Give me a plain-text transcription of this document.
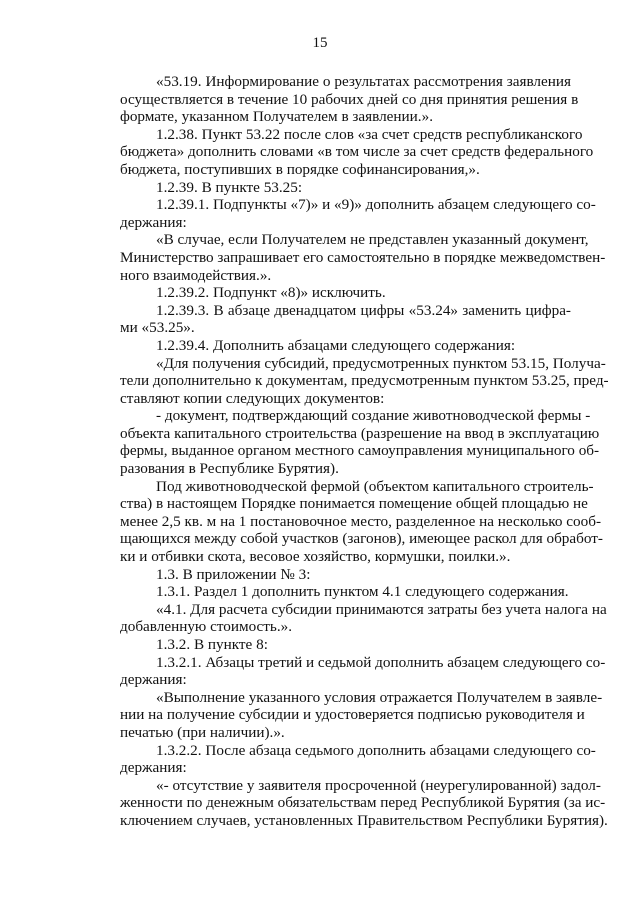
15
«53.19. Информирование о результатах рассмотрения заявления
осуществляется в течение 10 рабочих дней со дня принятия решения в
формате, указанном Получателем в заявлении.».
1.2.38. Пункт 53.22 после слов «за счет средств республиканского
бюджета» дополнить словами «в том числе за счет средств федерального
бюджета, поступивших в порядке софинансирования,».
1.2.39. В пункте 53.25:
1.2.39.1. Подпункты «7)» и «9)» дополнить абзацем следующего со-
держания:
«В случае, если Получателем не представлен указанный документ,
Министерство запрашивает его самостоятельно в порядке межведомствен-
ного взаимодействия.».
1.2.39.2. Подпункт «8)» исключить.
1.2.39.3. В абзаце двенадцатом цифры «53.24» заменить цифра-
ми «53.25».
1.2.39.4. Дополнить абзацами следующего содержания:
«Для получения субсидий, предусмотренных пунктом 53.15, Получа-
тели дополнительно к документам, предусмотренным пунктом 53.25, пред-
ставляют копии следующих документов:
- документ, подтверждающий создание животноводческой фермы -
объекта капитального строительства (разрешение на ввод в эксплуатацию
фермы, выданное органом местного самоуправления муниципального об-
разования в Республике Бурятия).
Под животноводческой фермой (объектом капитального строитель-
ства) в настоящем Порядке понимается помещение общей площадью не
менее 2,5 кв. м на 1 постановочное место, разделенное на несколько сооб-
щающихся между собой участков (загонов), имеющее раскол для обработ-
ки и отбивки скота, весовое хозяйство, кормушки, поилки.».
1.3. В приложении № 3:
1.3.1. Раздел 1 дополнить пунктом 4.1 следующего содержания.
«4.1. Для расчета субсидии принимаются затраты без учета налога на
добавленную стоимость.».
1.3.2. В пункте 8:
1.3.2.1. Абзацы третий и седьмой дополнить абзацем следующего со-
держания:
«Выполнение указанного условия отражается Получателем в заявле-
нии на получение субсидии и удостоверяется подписью руководителя и
печатью (при наличии).».
1.3.2.2. После абзаца седьмого дополнить абзацами следующего со-
держания:
«- отсутствие у заявителя просроченной (неурегулированной) задол-
женности по денежным обязательствам перед Республикой Бурятия (за ис-
ключением случаев, установленных Правительством Республики Бурятия).
